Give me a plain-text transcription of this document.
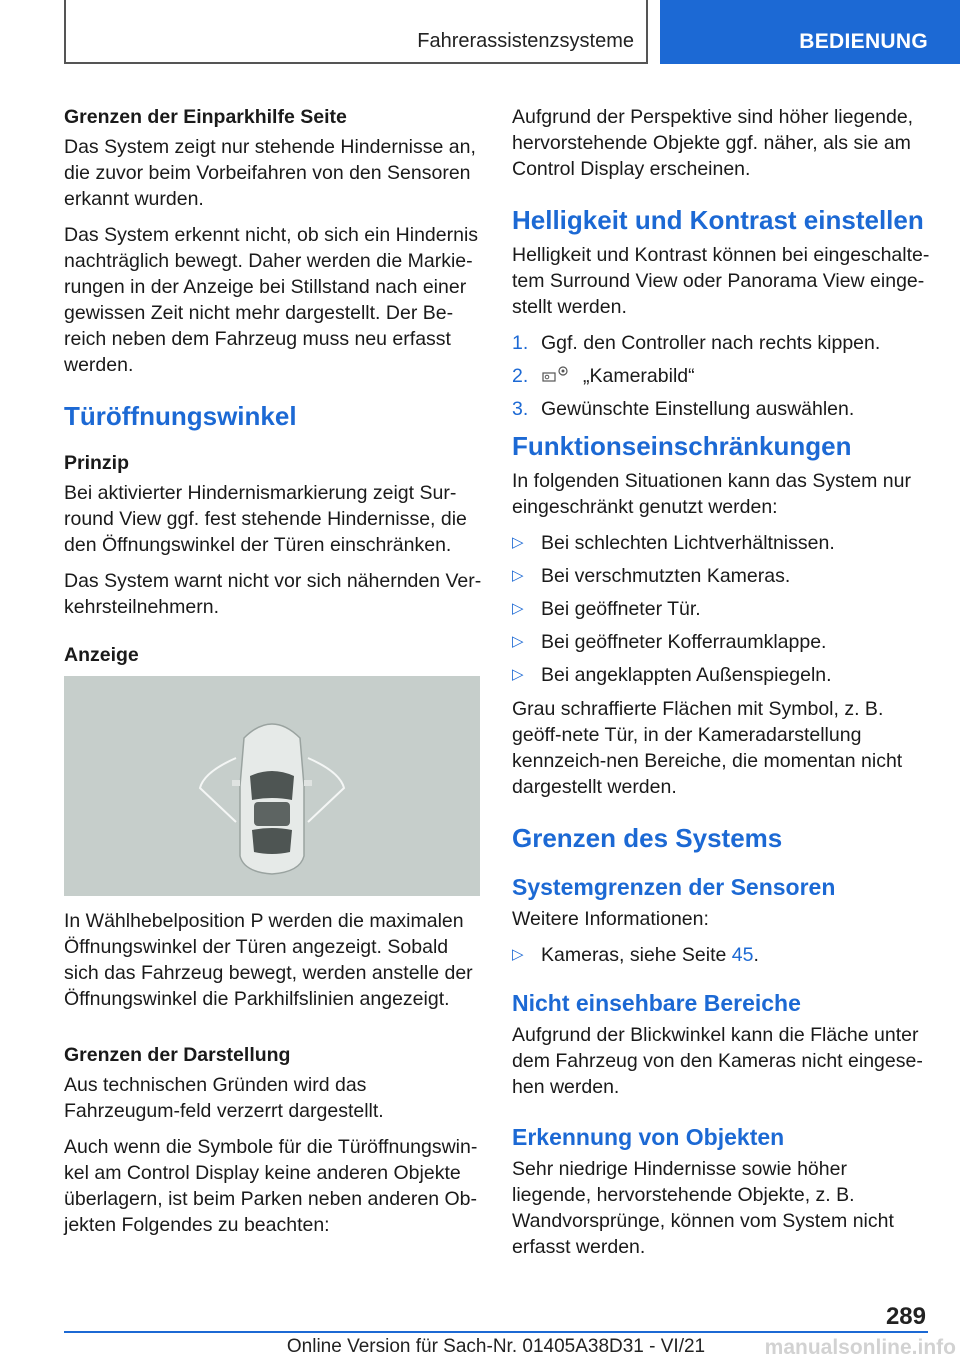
Fahrerassistenzsysteme	BEDIENUNG
Grenzen der Einparkhilfe Seite

Das System zeigt nur stehende Hindernisse an, die zuvor beim Vorbeifahren von den Sensoren erkannt wurden.

Das System erkennt nicht, ob sich ein Hindernis nachträglich bewegt. Daher werden die Markie-rungen in der Anzeige bei Stillstand nach einer gewissen Zeit nicht mehr dargestellt. Der Be-reich neben dem Fahrzeug muss neu erfasst werden.

Türöffnungswinkel
Prinzip

Bei aktivierter Hindernismarkierung zeigt Sur-round View ggf. fest stehende Hindernisse, die den Öffnungswinkel der Türen einschränken.

Das System warnt nicht vor sich nähernden Ver-kehrsteilnehmern.

Anzeige

In Wählhebelposition P werden die maximalen Öffnungswinkel der Türen angezeigt. Sobald sich das Fahrzeug bewegt, werden anstelle der Öffnungswinkel die Parkhilfslinien angezeigt.

Grenzen der Darstellung

Aus technischen Gründen wird das Fahrzeugum-feld verzerrt dargestellt.

Auch wenn die Symbole für die Türöffnungswin-kel am Control Display keine anderen Objekte überlagern, ist beim Parken neben anderen Ob-jekten Folgendes zu beachten:

Aufgrund der Perspektive sind höher liegende, hervorstehende Objekte ggf. näher, als sie am Control Display erscheinen.

Helligkeit und Kontrast einstellen

Helligkeit und Kontrast können bei eingeschalte-tem Surround View oder Panorama View einge-stellt werden.

1. Ggf. den Controller nach rechts kippen.
2.	„Kamerabild“
3. Gewünschte Einstellung auswählen.
Funktionseinschränkungen

In folgenden Situationen kann das System nur eingeschränkt genutzt werden:

▷ Bei schlechten Lichtverhältnissen.
▷ Bei verschmutzten Kameras.
▷ Bei geöffneter Tür.
▷ Bei geöffneter Kofferraumklappe.
▷ Bei angeklappten Außenspiegeln.

Grau schraffierte Flächen mit Symbol, z. B. geöff-nete Tür, in der Kameradarstellung kennzeich-nen Bereiche, die momentan nicht dargestellt werden.

Grenzen des Systems
Systemgrenzen der Sensoren

Weitere Informationen:

▷ Kameras, siehe Seite 45.
Nicht einsehbare Bereiche

Aufgrund der Blickwinkel kann die Fläche unter dem Fahrzeug von den Kameras nicht eingese-hen werden.

Erkennung von Objekten

Sehr niedrige Hindernisse sowie höher liegende, hervorstehende Objekte, z. B. Wandvorsprünge, können vom System nicht erfasst werden.

289
Online Version für Sach-Nr. 01405A38D31 - VI/21	manualsonline.info
